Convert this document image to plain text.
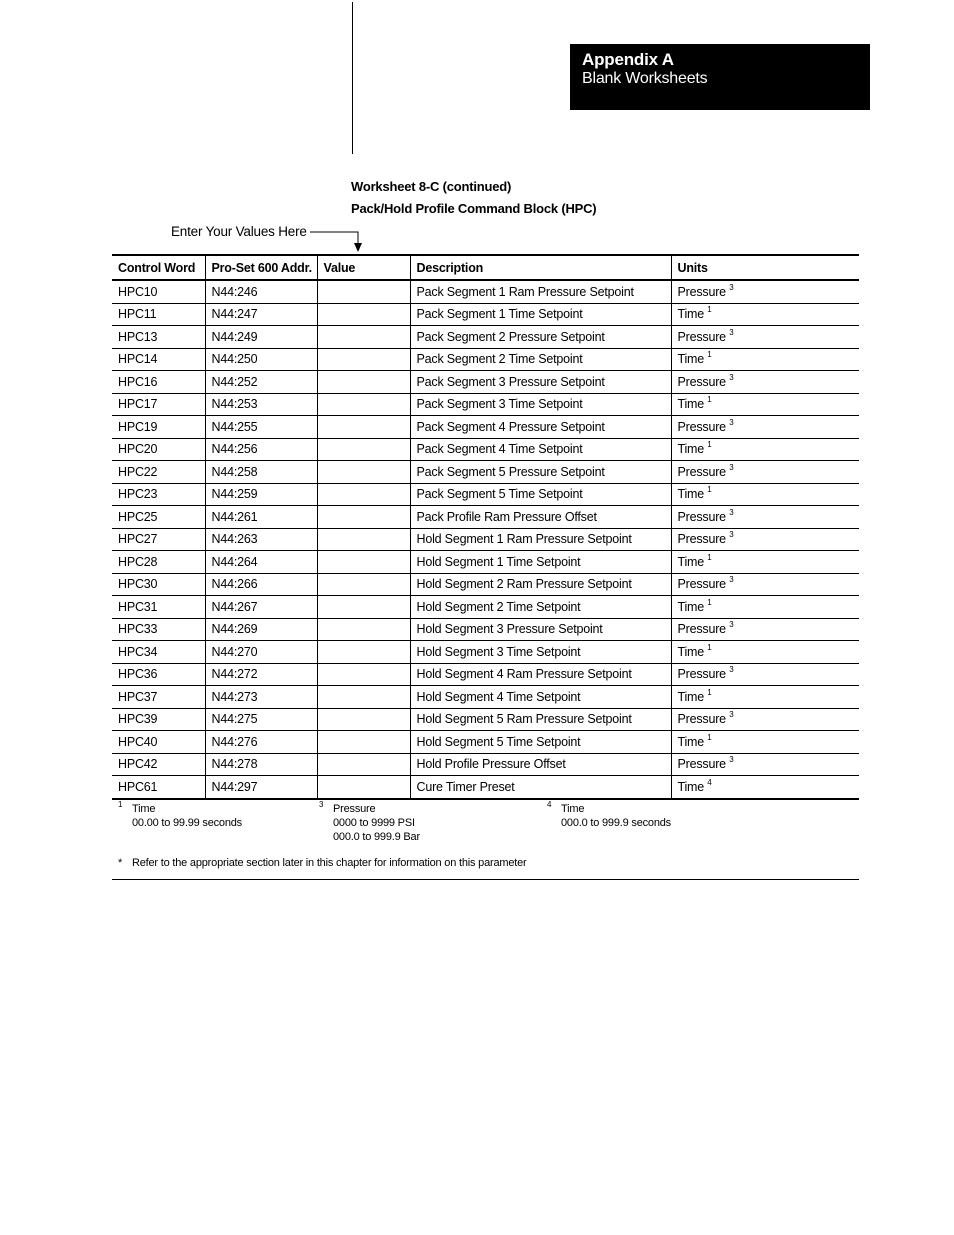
Appendix A
Blank Worksheets
Worksheet 8-C (continued)
Pack/Hold Profile Command Block (HPC)
Enter Your Values Here
Control Word	Pro-Set 600 Addr.	Value	Description	Units
HPC10	N44:246		Pack Segment 1 Ram Pressure Setpoint	Pressure $^3$
HPC11	N44:247		Pack Segment 1 Time Setpoint	Time $^1$
HPC13	N44:249		Pack Segment 2 Pressure Setpoint	Pressure $^3$
HPC14	N44:250		Pack Segment 2 Time Setpoint	Time $^1$
HPC16	N44:252		Pack Segment 3 Pressure Setpoint	Pressure $^3$
HPC17	N44:253		Pack Segment 3 Time Setpoint	Time $^1$
HPC19	N44:255		Pack Segment 4 Pressure Setpoint	Pressure $^3$
HPC20	N44:256		Pack Segment 4 Time Setpoint	Time $^1$
HPC22	N44:258		Pack Segment 5 Pressure Setpoint	Pressure $^3$
HPC23	N44:259		Pack Segment 5 Time Setpoint	Time $^1$
HPC25	N44:261		Pack Profile Ram Pressure Offset	Pressure $^3$
HPC27	N44:263		Hold Segment 1 Ram Pressure Setpoint	Pressure $^3$
HPC28	N44:264		Hold Segment 1 Time Setpoint	Time $^1$
HPC30	N44:266		Hold Segment 2 Ram Pressure Setpoint	Pressure $^3$
HPC31	N44:267		Hold Segment 2 Time Setpoint	Time $^1$
HPC33	N44:269		Hold Segment 3 Pressure Setpoint	Pressure $^3$
HPC34	N44:270		Hold Segment 3 Time Setpoint	Time $^1$
HPC36	N44:272		Hold Segment 4 Ram Pressure Setpoint	Pressure $^3$
HPC37	N44:273		Hold Segment 4 Time Setpoint	Time $^1$
HPC39	N44:275		Hold Segment 5 Ram Pressure Setpoint	Pressure $^3$
HPC40	N44:276		Hold Segment 5 Time Setpoint	Time $^1$
HPC42	N44:278		Hold Profile Pressure Offset	Pressure $^3$
HPC61	N44:297		Cure Timer Preset	Time $^4$
1 Time
00.00 to 99.99 seconds
3 Pressure
0000 to 9999 PSI
000.0 to 999.9 Bar
4 Time
000.0 to 999.9 seconds
* Refer to the appropriate section later in this chapter for information on this parameter
